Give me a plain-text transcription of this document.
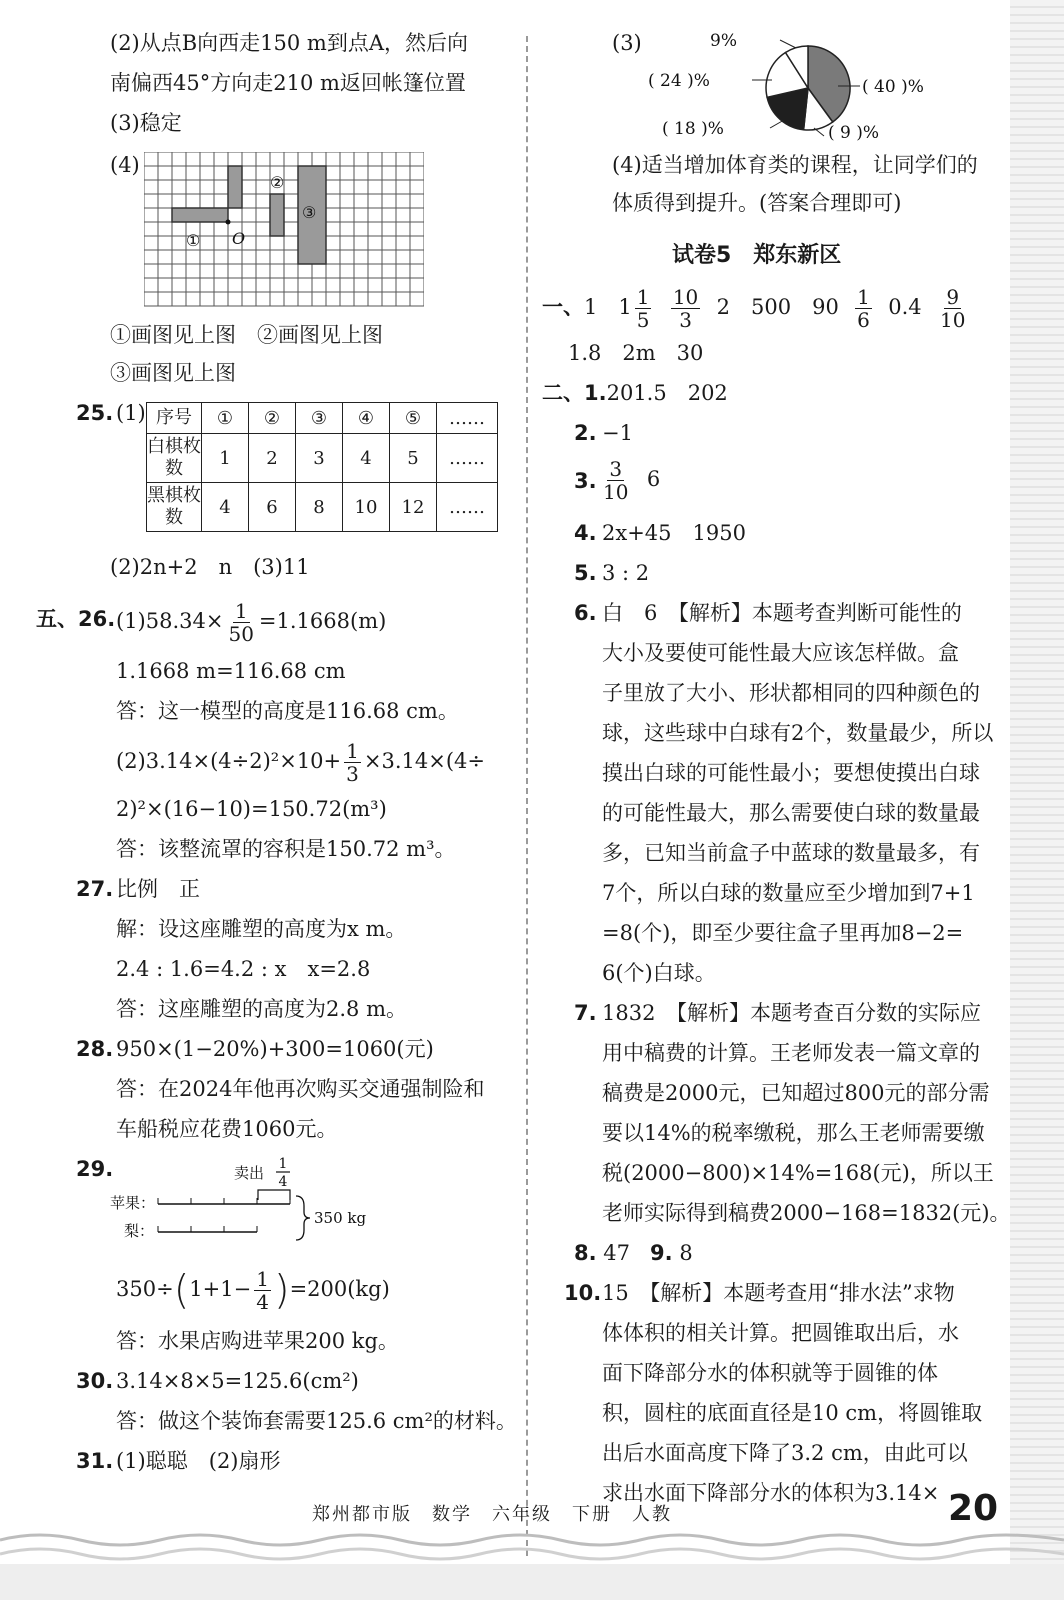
(2)从点B向西走150 m到点A，然后向
南偏西45°方向走210 m返回帐篷位置
(3)稳定
(4)
①
②
③
O
①画图见上图　②画图见上图
③画图见上图
25. (1) 序号	①	②	③	④	⑤	……
白棋枚数	1	2	3	4	5	……
黑棋枚数	4	6	8	10	12	……
(2)2n+2　n　(3)11
五、26. $(1)58.34\times \frac{1}{50} =1.1668(m)$
1.1668 m=116.68 cm
答：这一模型的高度是116.68 cm。
$(2)3.14\times(4\div 2)^2\times 10+ \frac{1}{3} \times 3.14\times(4\div$
2)²×(16−10)=150.72(m³)
答：该整流罩的容积是150.72 m³。
27. 比例　正
解：设这座雕塑的高度为x m。
2.4 : 1.6=4.2 : x　x=2.8
答：这座雕塑的高度为2.8 m。
28. 950×(1−20%)+300=1060(元)
答：在2024年他再次购买交通强制险和
车船税应花费1060元。
29.	卖出 1
4
苹果：
梨：
350 kg
$350\div(1+1- \frac{1}{4} )=200(kg)$
答：水果店购进苹果200 kg。
30. 3.14×8×5=125.6(cm²)
答：做这个装饰套需要125.6 cm²的材料。
31. (1)聪聪　(2)扇形
(3)	9%
( 24 )%	( 40 )%
( 18 )%	( 9 )%
(4)适当增加体育类的课程，让同学们的
体质得到提升。(答案合理即可)
试卷5　郑东新区
一、1　$1 \frac{1}{5}$
$\frac{10}{3} 2$　500　$90 \frac{1}{6} 0.4 \frac{9}{10}$
1.8　2m　30
二、1.201.5　202
2. −1
3. $\frac{3}{10} 6$
4. 2x+45　1950
5. 3 : 2
6. 白　6　【解析】本题考查判断可能性的
大小及要使可能性最大应该怎样做。盒
子里放了大小、形状都相同的四种颜色的
球，这些球中白球有2个，数量最少，所以
摸出白球的可能性最小；要想使摸出白球
的可能性最大，那么需要使白球的数量最
多，已知当前盒子中蓝球的数量最多，有
7个，所以白球的数量应至少增加到7+1
=8(个)，即至少要往盒子里再加8−2=
6(个)白球。
7. 1832　【解析】本题考查百分数的实际应
用中稿费的计算。王老师发表一篇文章的
稿费是2000元，已知超过800元的部分需
要以14%的税率缴税，那么王老师需要缴
税(2000−800)×14%=168(元)，所以王
老师实际得到稿费2000−168=1832(元)。
8. 47 9. 8
10. 15　【解析】本题考查用“排水法”求物
体体积的相关计算。把圆锥取出后，水
面下降部分水的体积就等于圆锥的体
积，圆柱的底面直径是10 cm，将圆锥取
出后水面高度下降了3.2 cm，由此可以
求出水面下降部分水的体积为3.14×
郑州都市版　数学　六年级　下册　人教	20
